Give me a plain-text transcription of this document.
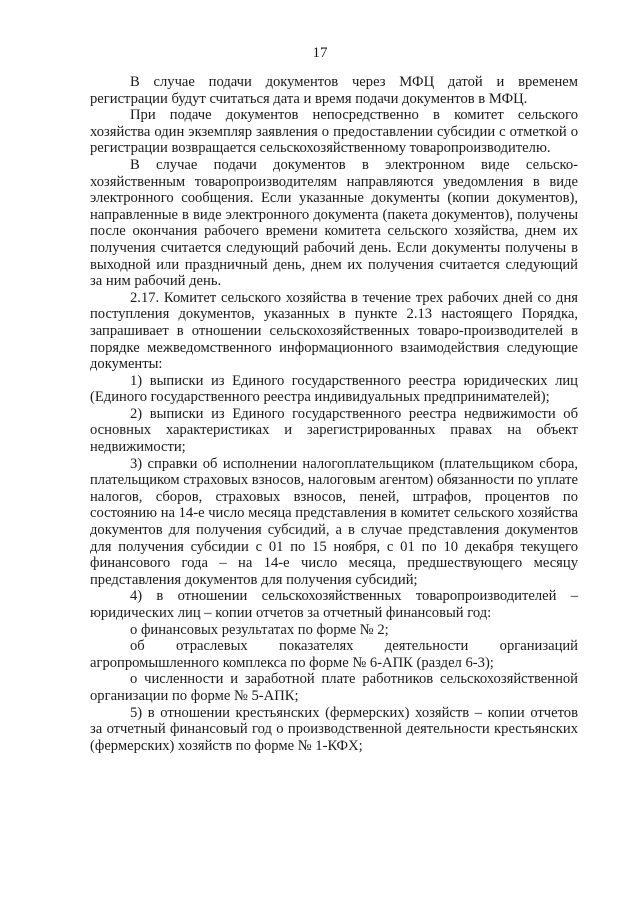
17

В случае подачи документов через МФЦ датой и временем регистрации будут считаться дата и время подачи документов в МФЦ.

При подаче документов непосредственно в комитет сельского хозяйства один экземпляр заявления о предоставлении субсидии с отметкой о регистрации возвращается сельскохозяйственному товаропроизводителю.

В случае подачи документов в электронном виде сельско-хозяйственным товаропроизводителям направляются уведомления в виде электронного сообщения. Если указанные документы (копии документов), направленные в виде электронного документа (пакета документов), получены после окончания рабочего времени комитета сельского хозяйства, днем их получения считается следующий рабочий день. Если документы получены в выходной или праздничный день, днем их получения считается следующий за ним рабочий день.

2.17. Комитет сельского хозяйства в течение трех рабочих дней со дня поступления документов, указанных в пункте 2.13 настоящего Порядка, запрашивает в отношении сельскохозяйственных товаро-производителей в порядке межведомственного информационного взаимодействия следующие документы:

1) выписки из Единого государственного реестра юридических лиц (Единого государственного реестра индивидуальных предпринимателей);

2) выписки из Единого государственного реестра недвижимости об основных характеристиках и зарегистрированных правах на объект недвижимости;

3) справки об исполнении налогоплательщиком (плательщиком сбора, плательщиком страховых взносов, налоговым агентом) обязанности по уплате налогов, сборов, страховых взносов, пеней, штрафов, процентов по состоянию на 14-е число месяца представления в комитет сельского хозяйства документов для получения субсидий, а в случае представления документов для получения субсидии с 01 по 15 ноября, с 01 по 10 декабря текущего финансового года – на 14-е число месяца, предшествующего месяцу представления документов для получения субсидий;

4) в отношении сельскохозяйственных товаропроизводителей – юридических лиц – копии отчетов за отчетный финансовый год:

о финансовых результатах по форме № 2;

об отраслевых показателях деятельности организаций агропромышленного комплекса по форме № 6-АПК (раздел 6-3);

о численности и заработной плате работников сельскохозяйственной организации по форме № 5-АПК;

5) в отношении крестьянских (фермерских) хозяйств – копии отчетов за отчетный финансовый год о производственной деятельности крестьянских (фермерских) хозяйств по форме № 1-КФХ;
